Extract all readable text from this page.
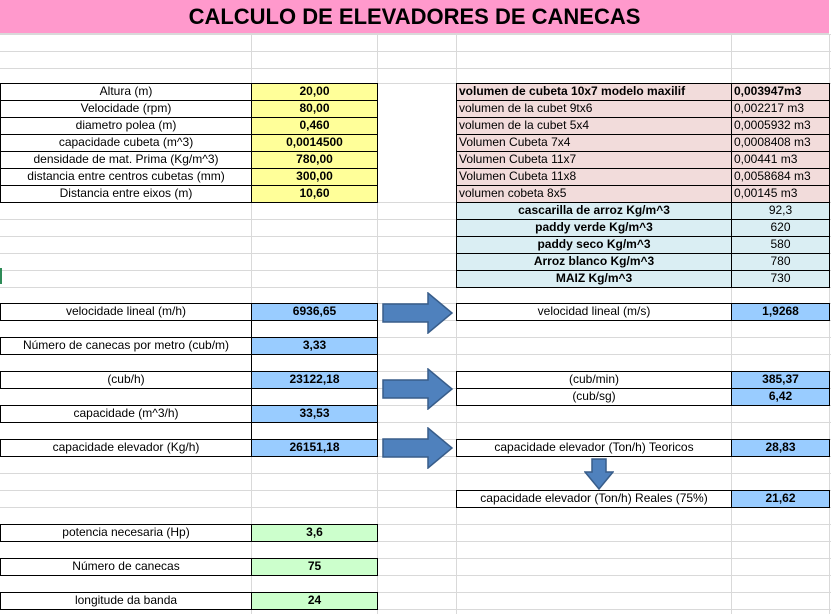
CALCULO DE ELEVADORES DE CANECAS
Altura (m)	20,00
Velocidade (rpm)	80,00
diametro polea (m)	0,460
capacidade cubeta (m^3)	0,0014500
densidade de mat. Prima (Kg/m^3)	780,00
distancia entre centros cubetas (mm)	300,00
Distancia entre eixos (m)	10,60
volumen de cubeta 10x7 modelo maxilif	0,003947m3
volumen de la cubet 9tx6	0,002217 m3
volumen de la cubet 5x4	0,0005932 m3
Volumen Cubeta 7x4	0,0008408 m3
Volumen Cubeta 11x7	0,00441 m3
Volumen Cubeta 11x8	0,0058684 m3
volumen cobeta 8x5	0,00145 m3
cascarilla de arroz Kg/m^3	92,3
paddy verde Kg/m^3	620
paddy seco Kg/m^3	580
Arroz blanco Kg/m^3	780
MAIZ Kg/m^3	730
velocidade lineal (m/h)	6936,65
Número de canecas por metro (cub/m)	3,33
(cub/h)	23122,18
capacidade (m^3/h)	33,53
capacidade elevador (Kg/h)	26151,18
potencia necesaria (Hp)	3,6
Número de canecas	75
longitude da banda	24
velocidad lineal (m/s)	1,9268
(cub/min)	385,37
(cub/sg)	6,42
capacidade elevador (Ton/h) Teoricos	28,83
capacidade elevador (Ton/h) Reales (75%)	21,62
